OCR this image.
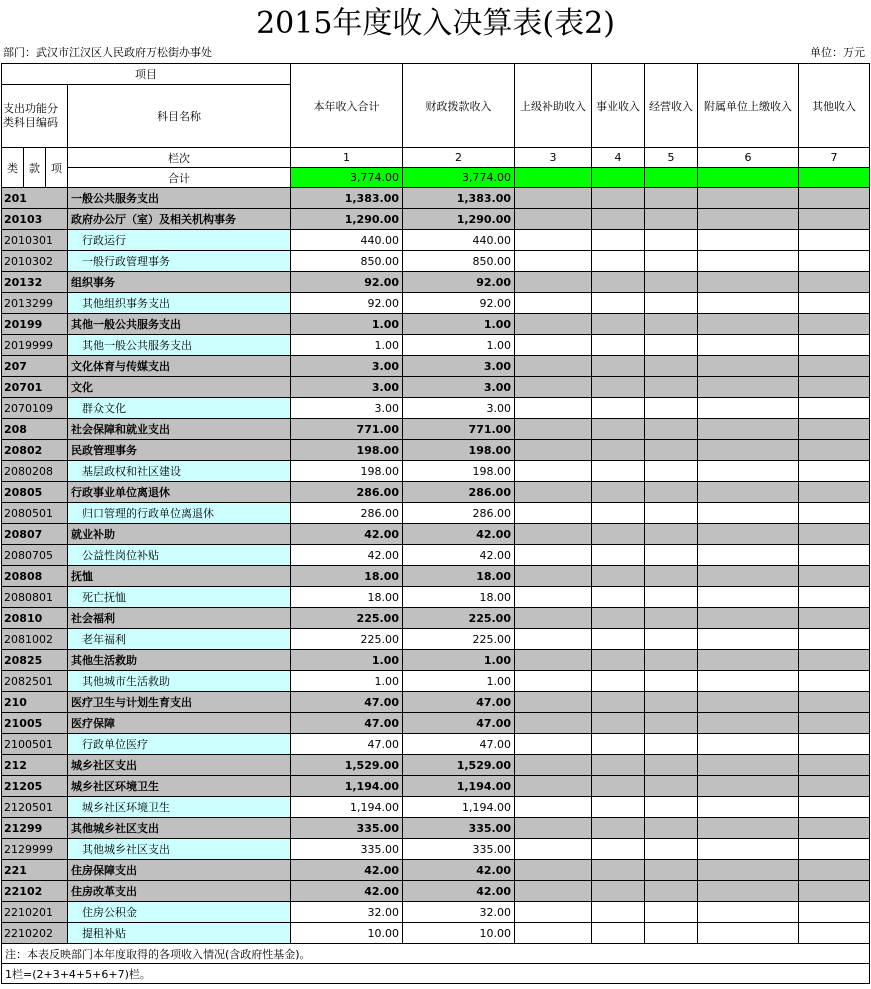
2015年度收入决算表(表2)
部门：武汉市江汉区人民政府万松街办事处	单位：万元
项目				本年收入合计	财政拨款收入	上级补助收入	事业收入	经营收入	附属单位上缴收入	其他收入
支出功能分类科目编码			科目名称							

类	款	项	栏次	1	2	3	4	5	6	7
			合计	3,774.00	3,774.00					
201			一般公共服务支出	1,383.00	1,383.00					
20103			政府办公厅（室）及相关机构事务	1,290.00	1,290.00					
2010301			行政运行	440.00	440.00					
2010302			一般行政管理事务	850.00	850.00					
20132			组织事务	92.00	92.00					
2013299			其他组织事务支出	92.00	92.00					
20199			其他一般公共服务支出	1.00	1.00					
2019999			其他一般公共服务支出	1.00	1.00					
207			文化体育与传媒支出	3.00	3.00					
20701			文化	3.00	3.00					
2070109			群众文化	3.00	3.00					
208			社会保障和就业支出	771.00	771.00					
20802			民政管理事务	198.00	198.00					
2080208			基层政权和社区建设	198.00	198.00					
20805			行政事业单位离退休	286.00	286.00					
2080501			归口管理的行政单位离退休	286.00	286.00					
20807			就业补助	42.00	42.00					
2080705			公益性岗位补贴	42.00	42.00					
20808			抚恤	18.00	18.00					
2080801			死亡抚恤	18.00	18.00					
20810			社会福利	225.00	225.00					
2081002			老年福利	225.00	225.00					
20825			其他生活救助	1.00	1.00					
2082501			其他城市生活救助	1.00	1.00					
210			医疗卫生与计划生育支出	47.00	47.00					
21005			医疗保障	47.00	47.00					
2100501			行政单位医疗	47.00	47.00					
212			城乡社区支出	1,529.00	1,529.00					
21205			城乡社区环境卫生	1,194.00	1,194.00					
2120501			城乡社区环境卫生	1,194.00	1,194.00					
21299			其他城乡社区支出	335.00	335.00					
2129999			其他城乡社区支出	335.00	335.00					
221			住房保障支出	42.00	42.00					
22102			住房改革支出	42.00	42.00					
2210201			住房公积金	32.00	32.00					
2210202			提租补贴	10.00	10.00					
注：本表反映部门本年度取得的各项收入情况(含政府性基金)。										
1栏=(2+3+4+5+6+7)栏。										
